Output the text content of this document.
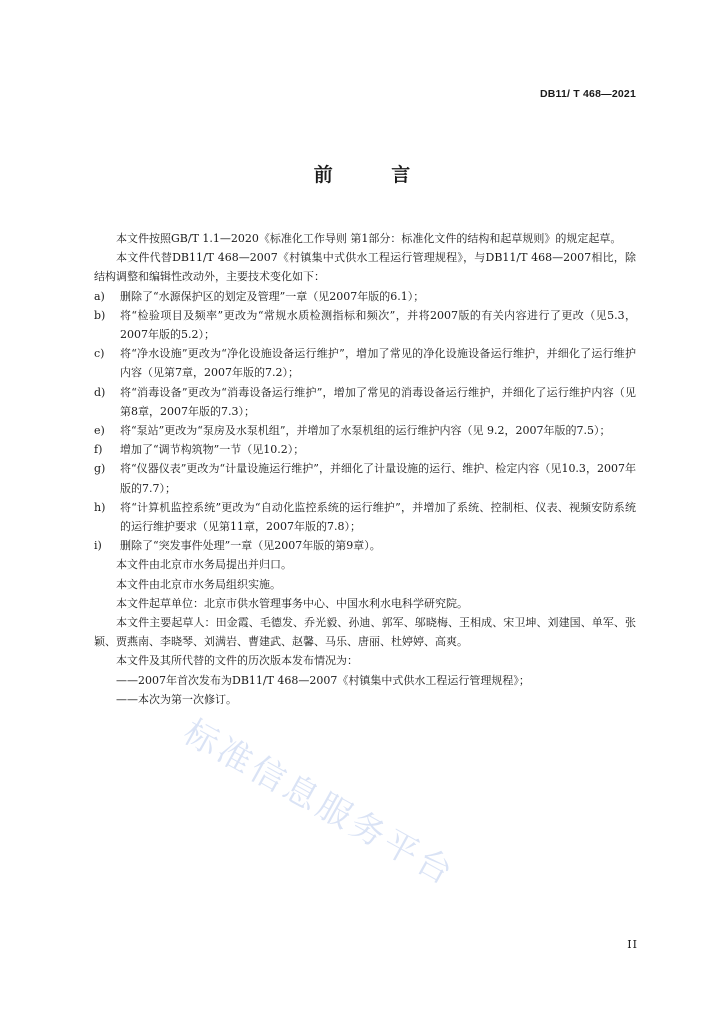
DB11/ T 468—2021
前 言

本文件按照GB/T 1.1—2020《标准化工作导则 第1部分：标准化文件的结构和起草规则》的规定起草。

本文件代替DB11/T 468—2007《村镇集中式供水工程运行管理规程》，与DB11/T 468—2007相比，除结构调整和编辑性改动外，主要技术变化如下：

a)	删除了“水源保护区的划定及管理”一章（见2007年版的6.1）；
b)	将“检验项目及频率”更改为“常规水质检测指标和频次”，并将2007版的有关内容进行了更改（见5.3，2007年版的5.2）；
c)	将“净水设施”更改为“净化设施设备运行维护”，增加了常见的净化设施设备运行维护，并细化了运行维护内容（见第7章，2007年版的7.2）；
d)	将“消毒设备”更改为“消毒设备运行维护”，增加了常见的消毒设备运行维护，并细化了运行维护内容（见第8章，2007年版的7.3）；
e)	将“泵站”更改为“泵房及水泵机组”，并增加了水泵机组的运行维护内容（见 9.2，2007年版的7.5）；
f)	增加了“调节构筑物”一节（见10.2）；
g)	将“仪器仪表”更改为“计量设施运行维护”，并细化了计量设施的运行、维护、检定内容（见10.3，2007年版的7.7）；
h)	将“计算机监控系统”更改为“自动化监控系统的运行维护”，并增加了系统、控制柜、仪表、视频安防系统的运行维护要求（见第11章，2007年版的7.8）；
i)	删除了“突发事件处理”一章（见2007年版的第9章）。

本文件由北京市水务局提出并归口。

本文件由北京市水务局组织实施。

本文件起草单位：北京市供水管理事务中心、中国水利水电科学研究院。

本文件主要起草人：田金霞、毛德发、乔光毅、孙迪、郭军、邬晓梅、王相成、宋卫坤、刘建国、单军、张颖、贾燕南、李晓琴、刘满岩、曹建武、赵馨、马乐、唐丽、杜婷婷、高爽。

本文件及其所代替的文件的历次版本发布情况为：

——2007年首次发布为DB11/T 468—2007《村镇集中式供水工程运行管理规程》；

——本次为第一次修订。

标准信息服务平台
II
